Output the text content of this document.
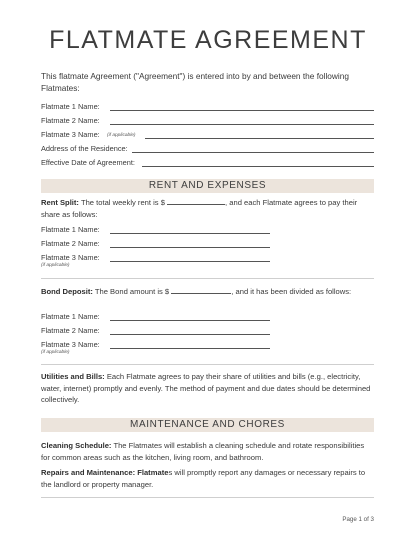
FLATMATE AGREEMENT
This flatmate Agreement ("Agreement") is entered into by and between the following Flatmates:
Flatmate 1 Name:
Flatmate 2 Name:
Flatmate 3 Name: (if applicable)
Address of the Residence:
Effective Date of Agreement:
RENT AND EXPENSES
Rent Split: The total weekly rent is $	, and each Flatmate agrees to pay their share as follows:
Flatmate 1 Name:
Flatmate 2 Name:
Flatmate 3 Name:
(if applicable)
Bond Deposit: The Bond amount is $	, and it has been divided as follows:
Flatmate 1 Name:
Flatmate 2 Name:
Flatmate 3 Name:
(if applicable)
Utilities and Bills: Each Flatmate agrees to pay their share of utilities and bills (e.g., electricity, water, internet) promptly and evenly. The method of payment and due dates should be determined collectively.
MAINTENANCE AND CHORES
Cleaning Schedule: The Flatmates will establish a cleaning schedule and rotate responsibilities for common areas such as the kitchen, living room, and bathroom.
Repairs and Maintenance: Flatmates will promptly report any damages or necessary repairs to the landlord or property manager.
Page 1 of 3
